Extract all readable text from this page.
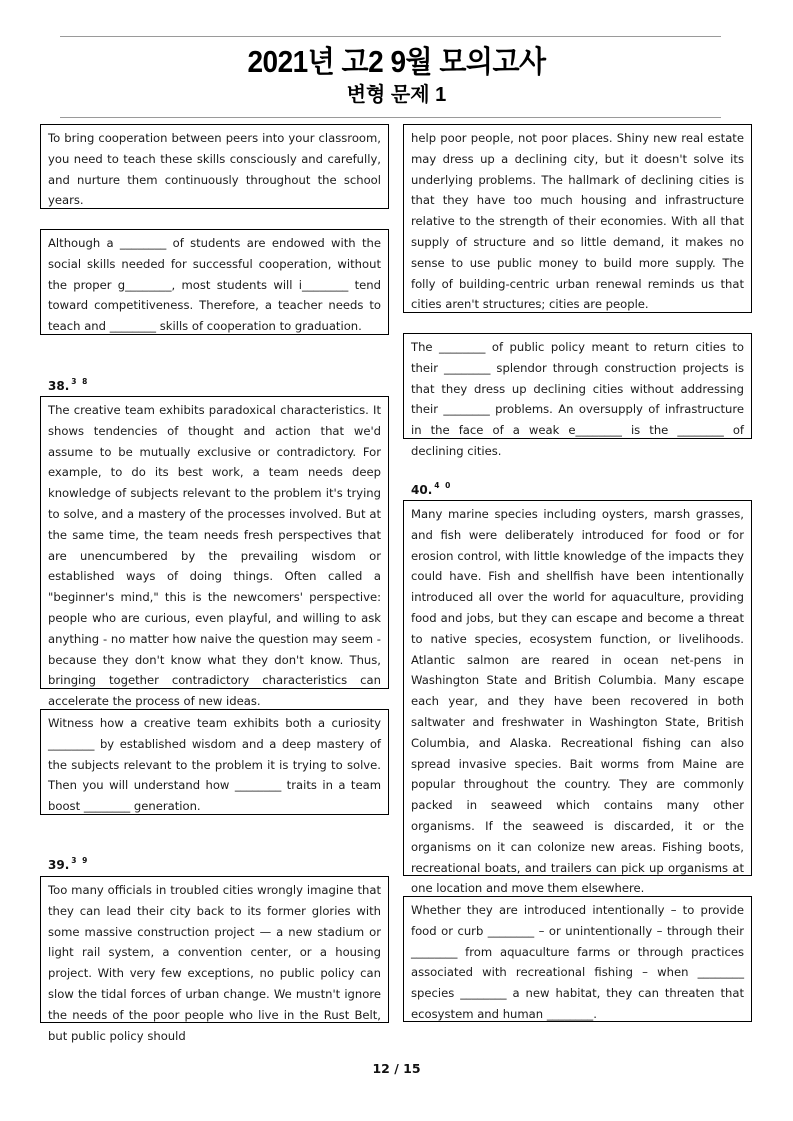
2021년 고2 9월 모의고사
변형 문제 1

To bring cooperation between peers into your classroom, you need to teach these skills consciously and carefully, and nurture them continuously throughout the school years.

Although a ________ of students are endowed with the social skills needed for successful cooperation, without the proper g________, most students will i________ tend toward competitiveness. Therefore, a teacher needs to teach and ________ skills of cooperation to graduation.

38. $^{3 8}$

The creative team exhibits paradoxical characteristics. It shows tendencies of thought and action that we'd assume to be mutually exclusive or contradictory. For example, to do its best work, a team needs deep knowledge of subjects relevant to the problem it's trying to solve, and a mastery of the processes involved. But at the same time, the team needs fresh perspectives that are unencumbered by the prevailing wisdom or established ways of doing things. Often called a "beginner's mind," this is the newcomers' perspective: people who are curious, even playful, and willing to ask anything - no matter how naive the question may seem - because they don't know what they don't know. Thus, bringing together contradictory characteristics can accelerate the process of new ideas.

Witness how a creative team exhibits both a curiosity ________ by established wisdom and a deep mastery of the subjects relevant to the problem it is trying to solve. Then you will understand how ________ traits in a team boost ________ generation.

39. $^{3 9}$

Too many officials in troubled cities wrongly imagine that they can lead their city back to its former glories with some massive construction project — a new stadium or light rail system, a convention center, or a housing project. With very few exceptions, no public policy can slow the tidal forces of urban change. We mustn't ignore the needs of the poor people who live in the Rust Belt, but public policy should

help poor people, not poor places. Shiny new real estate may dress up a declining city, but it doesn't solve its underlying problems. The hallmark of declining cities is that they have too much housing and infrastructure relative to the strength of their economies. With all that supply of structure and so little demand, it makes no sense to use public money to build more supply. The folly of building-centric urban renewal reminds us that cities aren't structures; cities are people.

The ________ of public policy meant to return cities to their ________ splendor through construction projects is that they dress up declining cities without addressing their ________ problems. An oversupply of infrastructure in the face of a weak e________ is the ________ of declining cities.

40. $^{4 0}$

Many marine species including oysters, marsh grasses, and fish were deliberately introduced for food or for erosion control, with little knowledge of the impacts they could have. Fish and shellfish have been intentionally introduced all over the world for aquaculture, providing food and jobs, but they can escape and become a threat to native species, ecosystem function, or livelihoods. Atlantic salmon are reared in ocean net-pens in Washington State and British Columbia. Many escape each year, and they have been recovered in both saltwater and freshwater in Washington State, British Columbia, and Alaska. Recreational fishing can also spread invasive species. Bait worms from Maine are popular throughout the country. They are commonly packed in seaweed which contains many other organisms. If the seaweed is discarded, it or the organisms on it can colonize new areas. Fishing boots, recreational boats, and trailers can pick up organisms at one location and move them elsewhere.

Whether they are introduced intentionally – to provide food or curb ________ – or unintentionally – through their ________ from aquaculture farms or through practices associated with recreational fishing – when ________ species ________ a new habitat, they can threaten that ecosystem and human ________.

12 / 15
